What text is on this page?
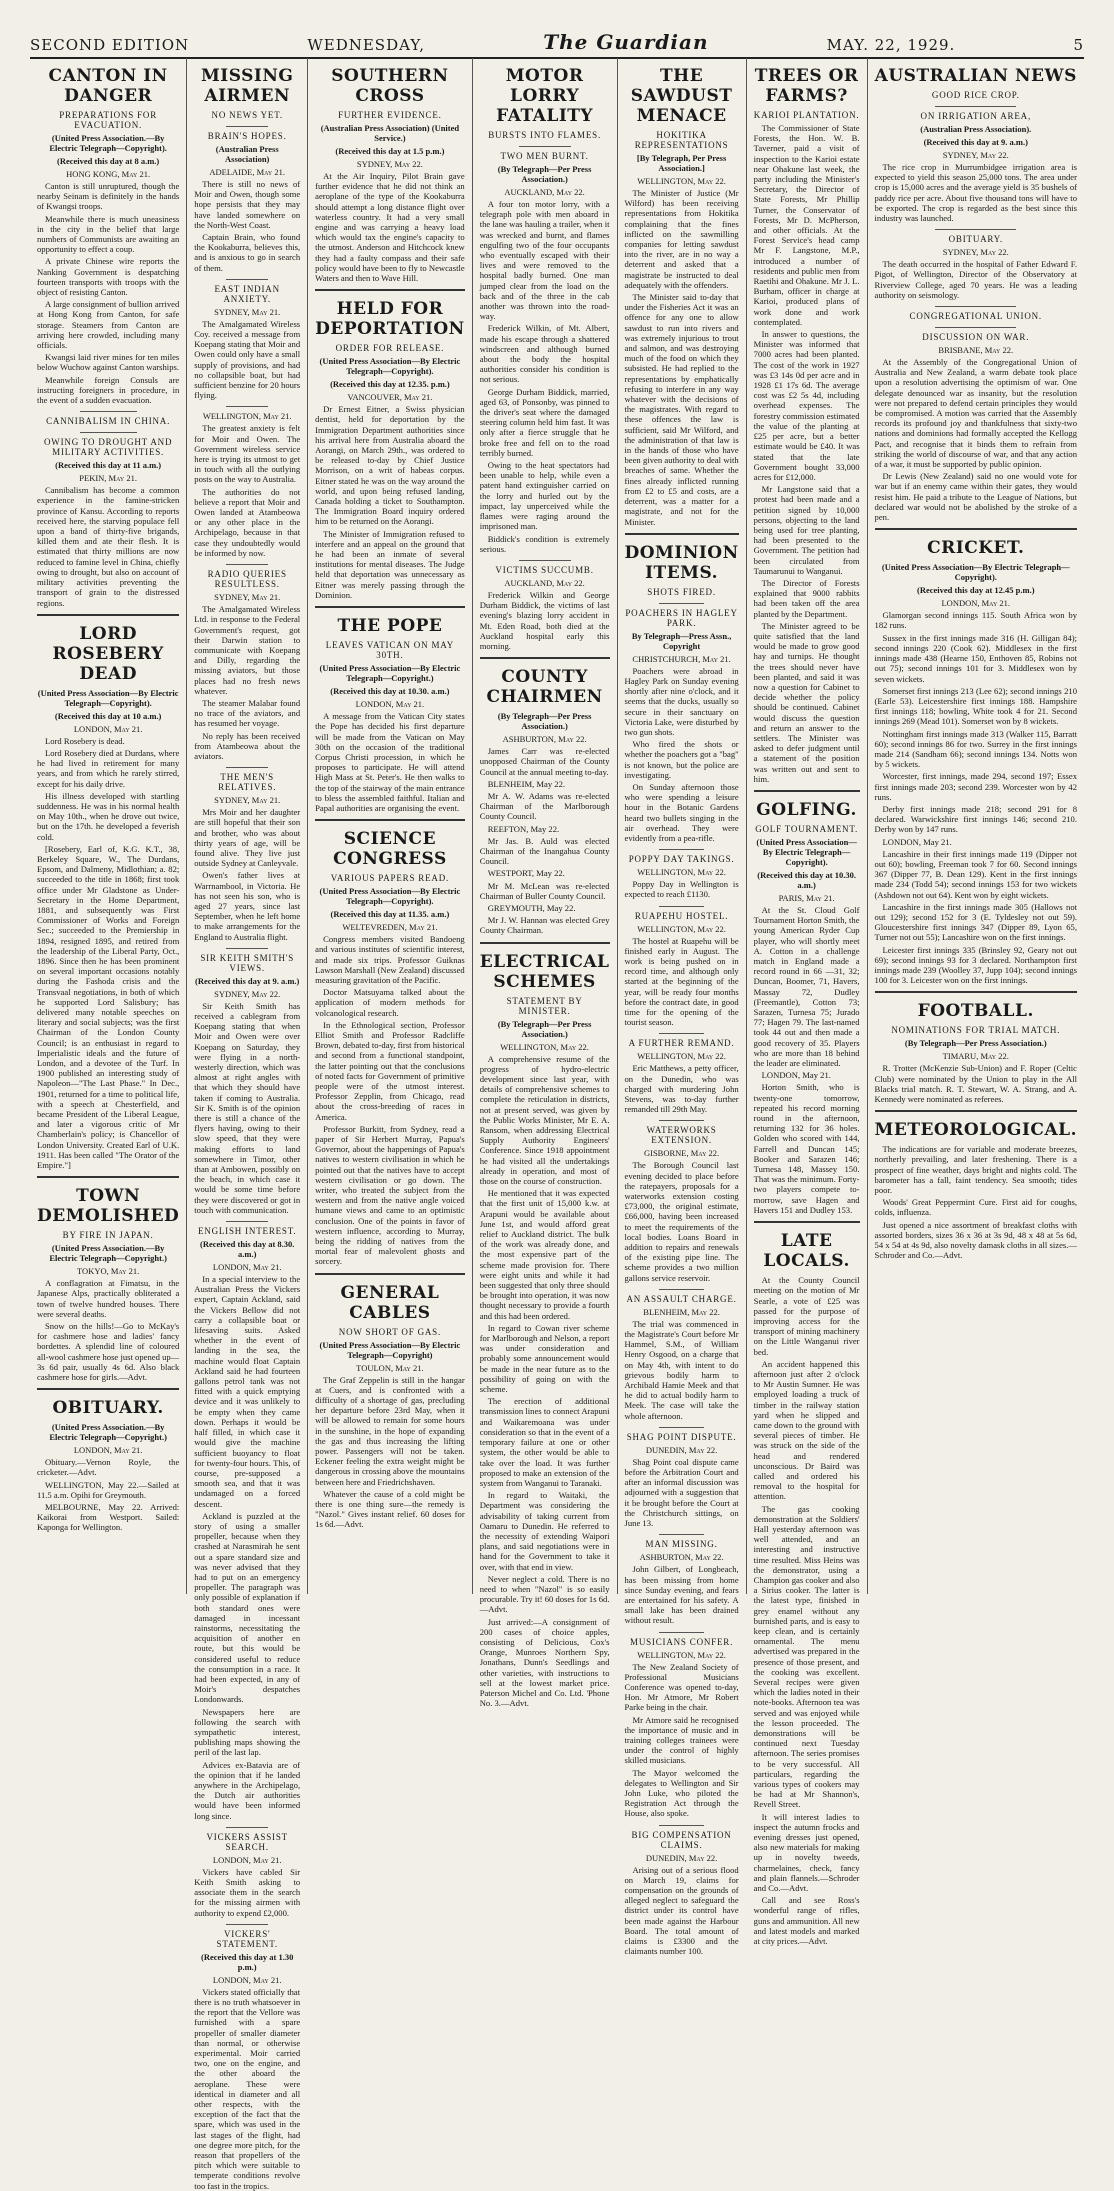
SECOND EDITION	WEDNESDAY,	The Guardian	MAY. 22, 1929.	5
CANTON IN DANGER
PREPARATIONS FOR EVACUATION.
(United Press Association.—By Electric Telegraph—Copyright).
(Received this day at 8 a.m.)
HONG KONG, May 21.

Canton is still unruptured, though the nearby Seinam is definitely in the hands of Kwangsi troops.

Meanwhile there is much uneasiness in the city in the belief that large numbers of Communists are awaiting an opportunity to effect a coup.

A private Chinese wire reports the Nanking Government is despatching fourteen transports with troops with the object of resisting Canton.

A large consignment of bullion arrived at Hong Kong from Canton, for safe storage. Steamers from Canton are arriving here crowded, including many officials.

Kwangsi laid river mines for ten miles below Wuchow against Canton warships.

Meanwhile foreign Consuls are instructing foreigners in procedure, in the event of a sudden evacuation.

CANNIBALISM IN CHINA.
OWING TO DROUGHT AND MILITARY ACTIVITIES.
(Received this day at 11 a.m.)
PEKIN, May 21.

Cannibalism has become a common experience in the famine-stricken province of Kansu. According to reports received here, the starving populace fell upon a band of thirty-five brigands, killed them and ate their flesh. It is estimated that thirty millions are now reduced to famine level in China, chiefly owing to drought, but also on account of military activities preventing the transport of grain to the distressed regions.

LORD ROSEBERY DEAD
(United Press Association—By Electric Telegraph—Copyright).
(Received this day at 10 a.m.)
LONDON, May 21.

Lord Rosebery is dead.

Lord Rosebery died at Durdans, where he had lived in retirement for many years, and from which he rarely stirred, except for his daily drive.

His illness developed with startling suddenness. He was in his normal health on May 10th., when he drove out twice, but on the 17th. he developed a feverish cold.

[Rosebery, Earl of, K.G. K.T., 38, Berkeley Square, W., The Durdans, Epsom, and Dalmeny, Midlothian; a. 82; succeeded to the title in 1868; first took office under Mr Gladstone as Under-Secretary in the Home Department, 1881, and subsequently was First Commissioner of Works and Foreign Sec.; succeeded to the Premiership in 1894, resigned 1895, and retired from the leadership of the Liberal Party, Oct., 1896. Since then he has been prominent on several important occasions notably during the Fashoda crisis and the Transvaal negotiations, in both of which he supported Lord Salisbury; has delivered many notable speeches on literary and social subjects; was the first Chairman of the London County Council; is an enthusiast in regard to Imperialistic ideals and the future of London, and a devotee of the Turf. In 1900 published an interesting study of Napoleon—"The Last Phase." In Dec., 1901, returned for a time to political life, with a speech at Chesterfield, and became President of the Liberal League, and later a vigorous critic of Mr Chamberlain's policy; is Chancellor of London University. Created Earl of U.K. 1911. Has been called "The Orator of the Empire."]

TOWN DEMOLISHED
BY FIRE IN JAPAN.
(United Press Association.—By Electric Telegraph—Copyright.)
TOKYO, May 21.

A conflagration at Fimatsu, in the Japanese Alps, practically obliterated a town of twelve hundred houses. There were several deaths.

Snow on the hills!—Go to McKay's for cashmere hose and ladies' fancy bordettes. A splendid line of coloured all-wool cashmere hose just opened up—3s 6d pair, usually 4s 6d. Also black cashmere hose for girls.—Advt.

OBITUARY.
(United Press Association.—By Electric Telegraph—Copyright.)
LONDON, May 21.

Obituary.—Vernon Royle, the cricketer.—Advt.

WELLINGTON, May 22.—Sailed at 11.5 a.m. Opihi for Greymouth.

MELBOURNE, May 22. Arrived: Kaikorai from Westport. Sailed: Kaponga for Wellington.

MISSING AIRMEN
NO NEWS YET.
BRAIN'S HOPES.
(Australian Press Association)
ADELAIDE, May 21.

There is still no news of Moir and Owen, though some hope persists that they may have landed somewhere on the North-West Coast.

Captain Brain, who found the Kookaburra, believes this, and is anxious to go in search of them.

EAST INDIAN ANXIETY.
SYDNEY, May 21.

The Amalgamated Wireless Coy. received a message from Koepang stating that Moir and Owen could only have a small supply of provisions, and had no collapsible boat, but had sufficient benzine for 20 hours flying.

WELLINGTON, May 21.

The greatest anxiety is felt for Moir and Owen. The Government wireless service here is trying its utmost to get in touch with all the outlying posts on the way to Australia.

The authorities do not believe a report that Moir and Owen landed at Atambeowa or any other place in the Archipelago, because in that case they undoubtedly would be informed by now.

RADIO QUERIES RESULTLESS.
SYDNEY, May 21.

The Amalgamated Wireless Ltd. in response to the Federal Government's request, got their Darwin station to communicate with Koepang and Dilly, regarding the missing aviators, but those places had no fresh news whatever.

The steamer Malabar found no trace of the aviators, and has resumed her voyage.

No reply has been received from Atambeowa about the aviators.

THE MEN'S RELATIVES.
SYDNEY, May 21.

Mrs Moir and her daughter are still hopeful that their son and brother, who was about thirty years of age, will be found alive. They live just outside Sydney at Canleyvale.

Owen's father lives at Warrnambool, in Victoria. He has not seen his son, who is aged 27 years, since last September, when he left home to make arrangements for the England to Australia flight.

SIR KEITH SMITH'S VIEWS.
(Received this day at 9. a.m.)
SYDNEY, May 22.

Sir Keith Smith has received a cablegram from Koepang stating that when Moir and Owen were over Koepang on Saturday, they were flying in a north-westerly direction, which was almost at right angles with that which they should have taken if coming to Australia. Sir K. Smith is of the opinion there is still a chance of the flyers having, owing to their slow speed, that they were making efforts to land somewhere in Timor, other than at Ambowen, possibly on the beach, in which case it would be some time before they were discovered or got in touch with communication.

ENGLISH INTEREST.
(Received this day at 8.30. a.m.)
LONDON, May 21.

In a special interview to the Australian Press the Vickers expert, Captain Ackland, said the Vickers Bellow did not carry a collapsible boat or lifesaving suits. Asked whether in the event of landing in the sea, the machine would float Captain Ackland said he had fourteen gallons petrol tank was not fitted with a quick emptying device and it was unlikely to be empty when they came down. Perhaps it would be half filled, in which case it would give the machine sufficient buoyancy to float for twenty-four hours. This, of course, pre-supposed a smooth sea, and that it was undamaged on a forced descent.

Ackland is puzzled at the story of using a smaller propeller, because when they crashed at Narasmirah he sent out a spare standard size and was never advised that they had to put on an emergency propeller. The paragraph was only possible of explanation if both standard ones were damaged in incessant rainstorms, necessitating the acquisition of another en route, but this would be considered useful to reduce the consumption in a race. It had been expected, in any of Moir's despatches Londonwards.

Newspapers here are following the search with sympathetic interest, publishing maps showing the peril of the last lap.

Advices ex-Batavia are of the opinion that if he landed anywhere in the Archipelago, the Dutch air authorities would have been informed long since.

VICKERS ASSIST SEARCH.
LONDON, May 21.

Vickers have cabled Sir Keith Smith asking to associate them in the search for the missing airmen with authority to expend £2,000.

VICKERS' STATEMENT.
(Received this day at 1.30 p.m.)
LONDON, May 21.

Vickers stated officially that there is no truth whatsoever in the report that the Vellore was furnished with a spare propeller of smaller diameter than normal, or otherwise experimental. Moir carried two, one on the engine, and the other aboard the aeroplane. These were identical in diameter and all other respects, with the exception of the fact that the spare, which was used in the last stages of the flight, had one degree more pitch, for the reason that propellers of the pitch which were suitable to temperate conditions revolve too fast in the tropics.

SOUTHERN CROSS
FURTHER EVIDENCE.
(Australian Press Association) (United Service.)
(Received this day at 1.5 p.m.)
SYDNEY, May 22.

At the Air Inquiry, Pilot Brain gave further evidence that he did not think an aeroplane of the type of the Kookaburra should attempt a long distance flight over waterless country. It had a very small engine and was carrying a heavy load which would tax the engine's capacity to the utmost. Anderson and Hitchcock knew they had a faulty compass and their safe policy would have been to fly to Newcastle Waters and then to Wave Hill.

HELD FOR DEPORTATION
ORDER FOR RELEASE.
(United Press Association—By Electric Telegraph—Copyright).
(Received this day at 12.35. p.m.)
VANCOUVER, May 21.

Dr Ernest Eitner, a Swiss physician dentist, held for deportation by the Immigration Department authorities since his arrival here from Australia aboard the Aorangi, on March 29th., was ordered to be released to-day by Chief Justice Morrison, on a writ of habeas corpus. Eitner stated he was on the way around the world, and upon being refused landing, Canada holding a ticket to Southampton. The Immigration Board inquiry ordered him to be returned on the Aorangi.

The Minister of Immigration refused to interfere and an appeal on the ground that he had been an inmate of several institutions for mental diseases. The Judge held that deportation was unnecessary as Eitner was merely passing through the Dominion.

THE POPE
LEAVES VATICAN ON MAY 30TH.
(United Press Association—By Electric Telegraph—Copyright.)
(Received this day at 10.30. a.m.)
LONDON, May 21.

A message from the Vatican City states the Pope has decided his first departure will be made from the Vatican on May 30th on the occasion of the traditional Corpus Christi procession, in which he proposes to participate. He will attend High Mass at St. Peter's. He then walks to the top of the stairway of the main entrance to bless the assembled faithful. Italian and Papal authorities are organising the event.

SCIENCE CONGRESS
VARIOUS PAPERS READ.
(United Press Association—By Electric Telegraph—Copyright).
(Received this day at 11.35. a.m.)
WELTEVREDEN, May 21.

Congress members visited Bandoeng and various institutes of scientific interest, and made six trips. Professor Guiknas Lawson Marshall (New Zealand) discussed measuring gravitation of the Pacific.

Doctor Matsuyama talked about the application of modern methods for volcanological research.

In the Ethnological section, Professor Elliot Smith and Professor Radcliffe Brown, debated to-day, first from historical and second from a functional standpoint, the latter pointing out that the conclusions of noted facts for Government of primitive people were of the utmost interest. Professor Zepplin, from Chicago, read about the cross-breeding of races in America.

Professor Burkitt, from Sydney, read a paper of Sir Herbert Murray, Papua's Governor, about the happenings of Papua's natives to western civilisation in which he pointed out that the natives have to accept western civilisation or go down. The writer, who treated the subject from the western and from the native angle voiced humane views and came to an optimistic conclusion. One of the points in favor of western influence, according to Murray, being the ridding of natives from the mortal fear of malevolent ghosts and sorcery.

GENERAL CABLES
NOW SHORT OF GAS.
(United Press Association—By Electric Telegraph—Copyright)
TOULON, May 21.

The Graf Zeppelin is still in the hangar at Cuers, and is confronted with a difficulty of a shortage of gas, precluding her departure before 23rd May, when it will be allowed to remain for some hours in the sunshine, in the hope of expanding the gas and thus increasing the lifting power. Passengers will not be taken. Eckener feeling the extra weight might be dangerous in crossing above the mountains between here and Friedrichshaven.

Whatever the cause of a cold might be there is one thing sure—the remedy is "Nazol." Gives instant relief. 60 doses for 1s 6d.—Advt.

MOTOR LORRY FATALITY
BURSTS INTO FLAMES.
TWO MEN BURNT.
(By Telegraph—Per Press Association.)
AUCKLAND, May 22.

A four ton motor lorry, with a telegraph pole with men aboard in the lane was hauling a trailer, when it was wrecked and burnt, and flames engulfing two of the four occupants who eventually escaped with their lives and were removed to the hospital badly burned. One man jumped clear from the load on the back and of the three in the cab another was thrown into the road-way.

Frederick Wilkin, of Mt. Albert, made his escape through a shattered windscreen and although burned about the body the hospital authorities consider his condition is not serious.

George Durham Biddick, married, aged 63, of Ponsonby, was pinned to the driver's seat where the damaged steering column held him fast. It was only after a fierce struggle that he broke free and fell on to the road terribly burned.

Owing to the heat spectators had been unable to help, while even a patent hand extinguisher carried on the lorry and hurled out by the impact, lay unperceived while the flames were raging around the imprisoned man.

Biddick's condition is extremely serious.

VICTIMS SUCCUMB.
AUCKLAND, May 22.

Frederick Wilkin and George Durham Biddick, the victims of last evening's blazing lorry accident in Mt. Eden Road, both died at the Auckland hospital early this morning.

COUNTY CHAIRMEN
(By Telegraph—Per Press Association.)
ASHBURTON, May 22.

James Carr was re-elected unopposed Chairman of the County Council at the annual meeting to-day.

BLENHEIM, May 22.

Mr A. W. Adams was re-elected Chairman of the Marlborough County Council.

REEFTON, May 22.

Mr Jas. B. Auld was elected Chairman of the Inangahua County Council.

WESTPORT, May 22.

Mr M. McLean was re-elected Chairman of Buller County Council.

GREYMOUTH, May 22.

Mr J. W. Hannan was elected Grey County Chairman.

ELECTRICAL SCHEMES
STATEMENT BY MINISTER.
(By Telegraph—Per Press Association.)
WELLINGTON, May 22.

A comprehensive resume of the progress of hydro-electric development since last year, with details of comprehensive schemes to complete the reticulation in districts, not at present served, was given by the Public Works Minister, Mr E. A. Ransom, when addressing Electrical Supply Authority Engineers' Conference. Since 1918 appointment he had visited all the undertakings already in operation, and most of those on the course of construction.

He mentioned that it was expected that the first unit of 15,000 k.w. at Arapuni would be available about June 1st, and would afford great relief to Auckland district. The bulk of the work was already done, and the most expensive part of the scheme made provision for. There were eight units and while it had been suggested that only three should be brought into operation, it was now thought necessary to provide a fourth and this had been ordered.

In regard to Cowan river scheme for Marlborough and Nelson, a report was under consideration and probably some announcement would be made in the near future as to the possibility of going on with the scheme.

The erection of additional transmission lines to connect Arapuni and Waikaremoana was under consideration so that in the event of a temporary failure at one or other system, the other would be able to take over the load. It was further proposed to make an extension of the system from Wanganui to Taranaki.

In regard to Waitaki, the Department was considering the advisability of taking current from Oamaru to Dunedin. He referred to the necessity of extending Waipori plans, and said negotiations were in hand for the Government to take it over, with that end in view.

Never neglect a cold. There is no need to when "Nazol" is so easily procurable. Try it! 60 doses for 1s 6d.—Advt.

Just arrived:—A consignment of 200 cases of choice apples, consisting of Delicious, Cox's Orange, Munroes Northern Spy, Jonathans, Dunn's Seedlings and other varieties, with instructions to sell at the lowest market price. Paterson Michel and Co. Ltd. 'Phone No. 3.—Advt.

THE SAWDUST MENACE
HOKITIKA REPRESENTATIONS
[By Telegraph, Per Press Association.]
WELLINGTON, May 22.

The Minister of Justice (Mr Wilford) has been receiving representations from Hokitika complaining that the fines inflicted on the sawmilling companies for letting sawdust into the river, are in no way a deterrent and asked that a magistrate be instructed to deal adequately with the offenders.

The Minister said to-day that under the Fisheries Act it was an offence for any one to allow sawdust to run into rivers and was extremely injurious to trout and salmon, and was destroying much of the food on which they subsisted. He had replied to the representations by emphatically refusing to interfere in any way whatever with the decisions of the magistrates. With regard to these offences the law is sufficient, said Mr Wilford, and the administration of that law is in the hands of those who have been given authority to deal with breaches of same. Whether the fines already inflicted running from £2 to £5 and costs, are a deterrent, was a matter for a magistrate, and not for the Minister.

DOMINION ITEMS.
SHOTS FIRED.
POACHERS IN HAGLEY PARK.
By Telegraph—Press Assn., Copyright
CHRISTCHURCH, May 21.

Poachers were abroad in Hagley Park on Sunday evening shortly after nine o'clock, and it seems that the ducks, usually so secure in their sanctuary on Victoria Lake, were disturbed by two gun shots.

Who fired the shots or whether the poachers got a "bag" is not known, but the police are investigating.

On Sunday afternoon those who were spending a leisure hour in the Botanic Gardens heard two bullets singing in the air overhead. They were evidently from a pea-rifle.

POPPY DAY TAKINGS.
WELLINGTON, May 22.

Poppy Day in Wellington is expected to reach £1130.

RUAPEHU HOSTEL.
WELLINGTON, May 22.

The hostel at Ruapehu will be finished early in August. The work is being pushed on in record time, and although only started at the beginning of the year, will be ready four months before the contract date, in good time for the opening of the tourist season.

A FURTHER REMAND.
WELLINGTON, May 22.

Eric Matthews, a petty officer, on the Dunedin, who was charged with murdering John Stevens, was to-day further remanded till 29th May.

WATERWORKS EXTENSION.
GISBORNE, May 22.

The Borough Council last evening decided to place before the ratepayers, proposals for a waterworks extension costing £73,000, the original estimate, £66,000, having been increased to meet the requirements of the local bodies. Loans Board in addition to repairs and renewals of the existing pipe line. The scheme provides a two million gallons service reservoir.

AN ASSAULT CHARGE.
BLENHEIM, May 22.

The trial was commenced in the Magistrate's Court before Mr Hammel, S.M., of William Henry Osgood, on a charge that on May 4th, with intent to do grievous bodily harm to Archibald Hamie Meek and that he did to actual bodily harm to Meek. The case will take the whole afternoon.

SHAG POINT DISPUTE.
DUNEDIN, May 22.

Shag Point coal dispute came before the Arbitration Court and after an informal discussion was adjourned with a suggestion that it be brought before the Court at the Christchurch sittings, on June 13.

MAN MISSING.
ASHBURTON, May 22.

John Gilbert, of Longbeach, has been missing from home since Sunday evening, and fears are entertained for his safety. A small lake has been drained without result.

MUSICIANS CONFER.
WELLINGTON, May 22.

The New Zealand Society of Professional Musicians Conference was opened to-day, Hon. Mr Atmore, Mr Robert Parke being in the chair.

Mr Atmore said he recognised the importance of music and in training colleges trainees were under the control of highly skilled musicians.

The Mayor welcomed the delegates to Wellington and Sir John Luke, who piloted the Registration Act through the House, also spoke.

BIG COMPENSATION CLAIMS.
DUNEDIN, May 22.

Arising out of a serious flood on March 19, claims for compensation on the grounds of alleged neglect to safeguard the district under its control have been made against the Harbour Board. The total amount of claims is £3300 and the claimants number 100.

TREES OR FARMS?
KARIOI PLANTATION.

The Commissioner of State Forests, the Hon. W. B. Taverner, paid a visit of inspection to the Karioi estate near Ohakune last week, the party including the Minister's Secretary, the Director of State Forests, Mr Phillip Turner, the Conservator of Forests, Mr D. McPherson, and other officials. At the Forest Service's head camp Mr F. Langstone, M.P., introduced a number of residents and public men from Raetihi and Ohakune. Mr J. L. Burham, officer in charge at Karioi, produced plans of work done and work contemplated.

In answer to questions, the Minister was informed that 7000 acres had been planted. The cost of the work in 1927 was £3 14s 0d per acre and in 1928 £1 17s 6d. The average cost was £2 5s 4d, including overhead expenses. The forestry commission estimated the value of the planting at £25 per acre, but a better estimate would be £40. It was stated that the late Government bought 33,000 acres for £12,000.

Mr Langstone said that a protest had been made and a petition signed by 10,000 persons, objecting to the land being used for tree planting, had been presented to the Government. The petition had been circulated from Taumarunui to Wanganui.

The Director of Forests explained that 9000 rabbits had been taken off the area planted by the Department.

The Minister agreed to be quite satisfied that the land would be made to grow good hay and turnips. He thought the trees should never have been planted, and said it was now a question for Cabinet to decide whether the policy should be continued. Cabinet would discuss the question and return an answer to the settlers. The Minister was asked to defer judgment until a statement of the position was written out and sent to him.

GOLFING.
GOLF TOURNAMENT.
(United Press Association—By Electric Telegraph—Copyright).
(Received this day at 10.30. a.m.)
PARIS, May 21.

At the St. Cloud Golf Tournament Horton Smith, the young American Ryder Cup player, who will shortly meet A. Cotton in a challenge match in England made a record round in 66 —31, 32; Duncan, Boomer, 71, Havers, Massay 72, Dudley (Freemantle), Cotton 73; Sarazen, Turnesa 75; Jurado 77; Hagen 79. The last-named took 44 out and then made a good recovery of 35. Players who are more than 18 behind the leader are eliminated.

LONDON, May 21.

Horton Smith, who is twenty-one tomorrow, repeated his record morning round in the afternoon, returning 132 for 36 holes. Golden who scored with 144, Farrell and Duncan 145; Booker and Sarazen 146; Turnesa 148, Massey 150. That was the minimum. Forty-two players compete to-morrow, save Hagen and Havers 151 and Dudley 153.

LATE LOCALS.

At the County Council meeting on the motion of Mr Searle, a vote of £25 was passed for the purpose of improving access for the transport of mining machinery on the Little Wanganui river bed.

An accident happened this afternoon just after 2 o'clock to Mr Austin Sumner. He was employed loading a truck of timber in the railway station yard when he slipped and came down to the ground with several pieces of timber. He was struck on the side of the head and rendered unconscious. Dr Baird was called and ordered his removal to the hospital for attention.

The gas cooking demonstration at the Soldiers' Hall yesterday afternoon was well attended, and an interesting and instructive time resulted. Miss Heins was the demonstrator, using a Champion gas cooker and also a Sirius cooker. The latter is the latest type, finished in grey enamel without any burnished parts, and is easy to keep clean, and is certainly ornamental. The menu advertised was prepared in the presence of those present, and the cooking was excellent. Several recipes were given which the ladies noted in their note-books. Afternoon tea was served and was enjoyed while the lesson proceeded. The demonstrations will be continued next Tuesday afternoon. The series promises to be very successful. All particulars, regarding the various types of cookers may be had at Mr Shannon's, Revell Street.

It will interest ladies to inspect the autumn frocks and evening dresses just opened, also new materials for making up in novelty tweeds, charmelaines, check, fancy and plain flannels.—Schroder and Co.—Advt.

Call and see Ross's wonderful range of rifles, guns and ammunition. All new and latest models and marked at city prices.—Advt.

AUSTRALIAN NEWS
GOOD RICE CROP.
ON IRRIGATION AREA,
(Australian Press Association).
(Received this day at 9. a.m.)
SYDNEY, May 22.

The rice crop in Murrumbidgee irrigation area is expected to yield this season 25,000 tons. The area under crop is 15,000 acres and the average yield is 35 bushels of paddy rice per acre. About five thousand tons will have to be exported. The crop is regarded as the best since this industry was launched.

OBITUARY.
SYDNEY, May 22.

The death occurred in the hospital of Father Edward F. Pigot, of Wellington, Director of the Observatory at Riverview College, aged 70 years. He was a leading authority on seismology.

CONGREGATIONAL UNION.
DISCUSSION ON WAR.
BRISBANE, May 22.

At the Assembly of the Congregational Union of Australia and New Zealand, a warm debate took place upon a resolution advertising the optimism of war. One delegate denounced war as insanity, but the resolution were not prepared to defend certain principles they would be compromised. A motion was carried that the Assembly records its profound joy and thankfulness that sixty-two nations and dominions had formally accepted the Kellogg Pact, and recognise that it binds them to refrain from striking the world of discourse of war, and that any action of a war, it must be supported by public opinion.

Dr Lewis (New Zealand) said no one would vote for war but if an enemy came within their gates, they would resist him. He paid a tribute to the League of Nations, but declared war would not be abolished by the stroke of a pen.

CRICKET.
(United Press Association—By Electric Telegraph—Copyright).
(Received this day at 12.45 p.m.)
LONDON, May 21.

Glamorgan second innings 115. South Africa won by 182 runs.

Sussex in the first innings made 316 (H. Gilligan 84); second innings 220 (Cook 62). Middlesex in the first innings made 438 (Hearne 150, Enthoven 85, Robins not out 75); second innings 101 for 3. Middlesex won by seven wickets.

Somerset first innings 213 (Lee 62); second innings 210 (Earle 53). Leicestershire first innings 188. Hampshire first innings 118; bowling, White took 4 for 21. Second innings 269 (Mead 101). Somerset won by 8 wickets.

Nottingham first innings made 313 (Walker 115, Barratt 60); second innings 86 for two. Surrey in the first innings made 214 (Sandham 66); second innings 134. Notts won by 5 wickets.

Worcester, first innings, made 294, second 197; Essex first innings made 203; second 239. Worcester won by 42 runs.

Derby first innings made 218; second 291 for 8 declared. Warwickshire first innings 146; second 210. Derby won by 147 runs.

LONDON, May 21.

Lancashire in their first innings made 119 (Dipper not out 60); bowling, Freeman took 7 for 60. Second innings 367 (Dipper 77, B. Dean 129). Kent in the first innings made 234 (Todd 54); second innings 153 for two wickets (Ashdown not out 64). Kent won by eight wickets.

Lancashire in the first innings made 305 (Hallows not out 129); second 152 for 3 (E. Tyldesley not out 59). Gloucestershire first innings 347 (Dipper 89, Lyon 65, Turner not out 55); Lancashire won on the first innings.

Leicester first innings 335 (Brinsley 92, Geary not out 69); second innings 93 for 3 declared. Northampton first innings made 239 (Woolley 37, Jupp 104); second innings 100 for 3. Leicester won on the first innings.

FOOTBALL.
NOMINATIONS FOR TRIAL MATCH.
(By Telegraph—Per Press Association.)
TIMARU, May 22.

R. Trotter (McKenzie Sub-Union) and F. Roper (Celtic Club) were nominated by the Union to play in the All Blacks trial match. R. T. Stewart, W. A. Strang, and A. Kennedy were nominated as referees.

METEOROLOGICAL.

The indications are for variable and moderate breezes, northerly prevailing, and later freshening. There is a prospect of fine weather, days bright and nights cold. The barometer has a fall, faint tendency. Sea smooth; tides poor.

Woods' Great Peppermint Cure. First aid for coughs, colds, influenza.

Just opened a nice assortment of breakfast cloths with assorted borders, sizes 36 x 36 at 3s 9d, 48 x 48 at 5s 6d, 54 x 54 at 4s 9d, also novelty damask cloths in all sizes.—Schroder and Co.—Advt.
